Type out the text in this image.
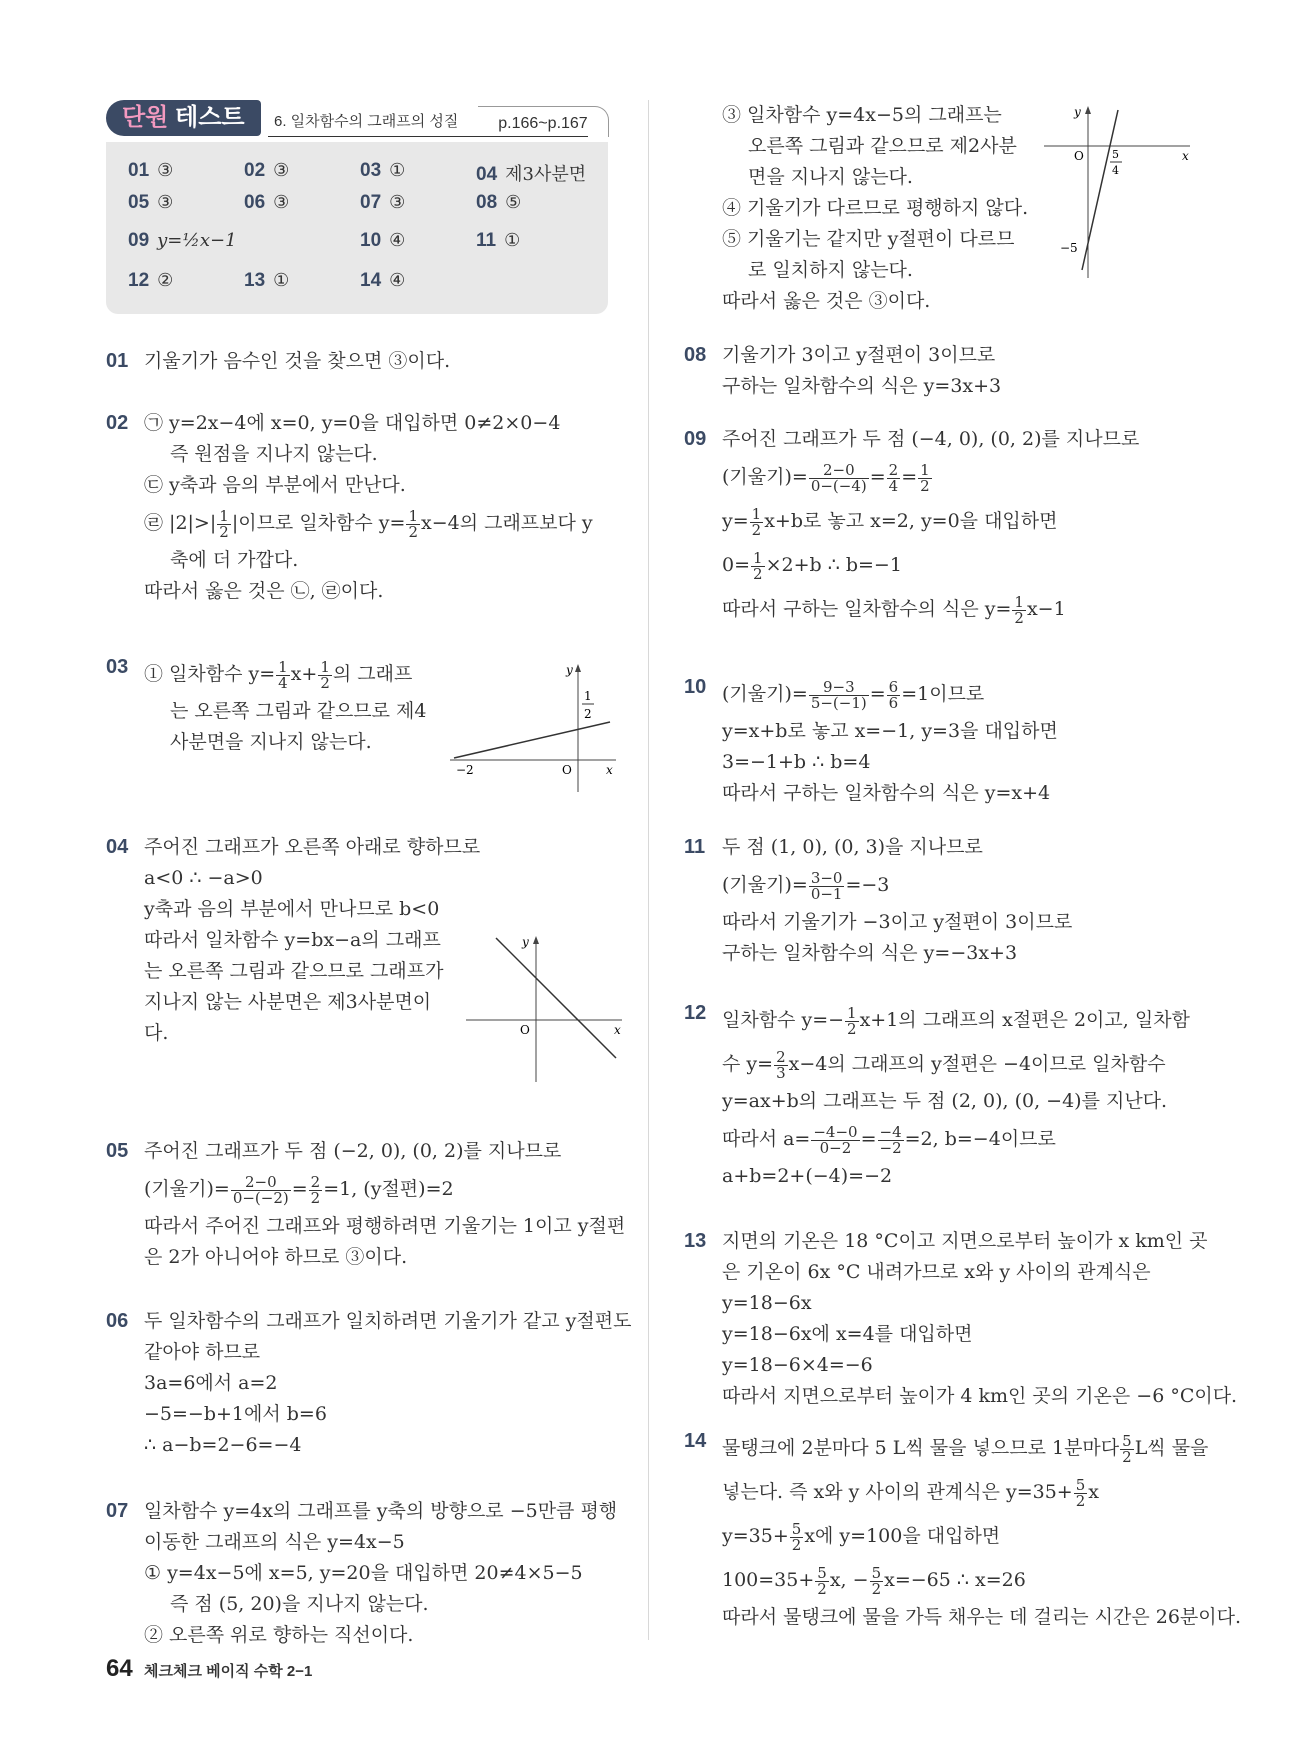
단원 테스트	6. 일차함수의 그래프의 성질	p.166~p.167
01 ③	02 ③	03 ①	04 제3사분면
05 ③	06 ③	07 ③	08 ⑤
09 y=½x−1	10 ④	11 ①
12 ②	13 ①	14 ④
01 기울기가 음수인 것을 찾으면 ③이다.
02 ㉠ y=2x−4에 x=0, y=0을 대입하면 0≠2×0−4
즉 원점을 지나지 않는다.
㉢ y축과 음의 부분에서 만난다.
㉣ $|2|>| \frac{1}{2}$ |이므로 일차함수 $y= \frac{1}{2} x-4$의 그래프보다 y
축에 더 가깝다.
따라서 옳은 것은 ㉡, ㉣이다.
03 ① 일차함수 $y= \frac{1}{4} x+ \frac{1}{2}$ 의 그래프
는 오른쪽 그림과 같으므로 제4
사분면을 지나지 않는다.
y
x
O
−2
1
2
04 주어진 그래프가 오른쪽 아래로 향하므로
a<0 ∴ −a>0
y축과 음의 부분에서 만나므로 b<0
따라서 일차함수 y=bx−a의 그래프
는 오른쪽 그림과 같으므로 그래프가
지나지 않는 사분면은 제3사분면이
다.
y
x
O
05 주어진 그래프가 두 점 (−2, 0), (0, 2)를 지나므로
(기울기)= $\frac{2-0}{0-(-2)} = \frac{2}{2} =1$, (y절편)=2
따라서 주어진 그래프와 평행하려면 기울기는 1이고 y절편
은 2가 아니어야 하므로 ③이다.
06 두 일차함수의 그래프가 일치하려면 기울기가 같고 y절편도
같아야 하므로
3a=6에서 a=2
−5=−b+1에서 b=6
∴ a−b=2−6=−4
07 일차함수 y=4x의 그래프를 y축의 방향으로 −5만큼 평행
이동한 그래프의 식은 y=4x−5
① y=4x−5에 x=5, y=20을 대입하면 20≠4×5−5
즉 점 (5, 20)을 지나지 않는다.
② 오른쪽 위로 향하는 직선이다.
③ 일차함수 y=4x−5의 그래프는
오른쪽 그림과 같으므로 제2사분
면을 지나지 않는다.
④ 기울기가 다르므로 평행하지 않다.
⑤ 기울기는 같지만 y절편이 다르므
로 일치하지 않는다.
따라서 옳은 것은 ③이다.
y
x
O	5
4
−5
08 기울기가 3이고 y절편이 3이므로
구하는 일차함수의 식은 y=3x+3
09 주어진 그래프가 두 점 (−4, 0), (0, 2)를 지나므로
(기울기)= $\frac{2-0}{0-(-4)} = \frac{2}{4} = \frac{1}{2}$
$y= \frac{1}{2} x+b$로 놓고 x=2, y=0을 대입하면
$0= \frac{1}{2} \times 2+b$ ∴ b=−1
따라서 구하는 일차함수의 식은 $y= \frac{1}{2} x-1$
10 (기울기)= $\frac{9-3}{5-(-1)} = \frac{6}{6} =1$이므로
y=x+b로 놓고 x=−1, y=3을 대입하면
3=−1+b ∴ b=4
따라서 구하는 일차함수의 식은 y=x+4
11 두 점 (1, 0), (0, 3)을 지나므로
(기울기)= $\frac{3-0}{0-1} =-3$
따라서 기울기가 −3이고 y절편이 3이므로
구하는 일차함수의 식은 y=−3x+3
12 일차함수 $y=- \frac{1}{2} x+1$의 그래프의 x절편은 2이고, 일차함
수 $y= \frac{2}{3} x-4$의 그래프의 y절편은 −4이므로 일차함수
y=ax+b의 그래프는 두 점 (2, 0), (0, −4)를 지난다.
따라서 $a= \frac{-4-0}{0-2} = \frac{-4}{-2} =2$, b=−4이므로
a+b=2+(−4)=−2
13 지면의 기온은 18 °C이고 지면으로부터 높이가 x km인 곳
은 기온이 6x °C 내려가므로 x와 y 사이의 관계식은
y=18−6x
y=18−6x에 x=4를 대입하면
y=18−6×4=−6
따라서 지면으로부터 높이가 4 km인 곳의 기온은 −6 °C이다.
14 물탱크에 2분마다 5 L씩 물을 넣으므로 1분마다 $\frac{5}{2}$ L씩 물을
넣는다. 즉 x와 y 사이의 관계식은 $y=35+ \frac{5}{2}$ x
$y=35+ \frac{5}{2}$ x에 y=100을 대입하면
$100=35+ \frac{5}{2} x$, − $\frac{5}{2} x=-65$ ∴ x=26
따라서 물탱크에 물을 가득 채우는 데 걸리는 시간은 26분이다.
64 체크체크 베이직 수학 2−1
